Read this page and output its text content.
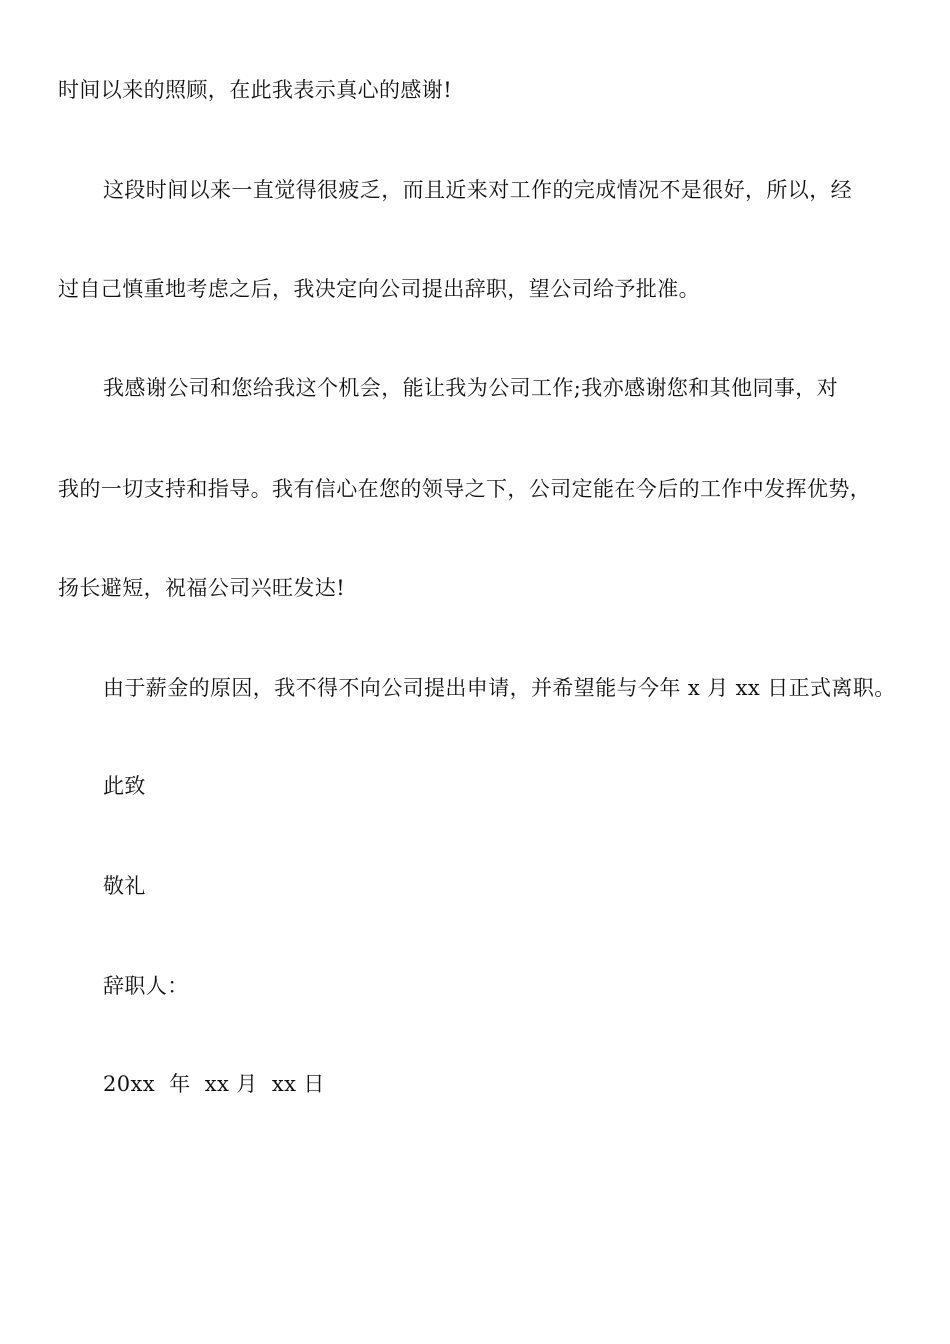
时间以来的照顾，在此我表示真心的感谢!
这段时间以来一直觉得很疲乏，而且近来对工作的完成情况不是很好，所以，经
过自己慎重地考虑之后，我决定向公司提出辞职，望公司给予批准。
我感谢公司和您给我这个机会，能让我为公司工作;我亦感谢您和其他同事，对
我的一切支持和指导。我有信心在您的领导之下，公司定能在今后的工作中发挥优势，
扬长避短，祝福公司兴旺发达!
由于薪金的原因，我不得不向公司提出申请，并希望能与今年 x 月 xx 日正式离职。
此致
敬礼
辞职人：
20xx  年  xx 月  xx 日
